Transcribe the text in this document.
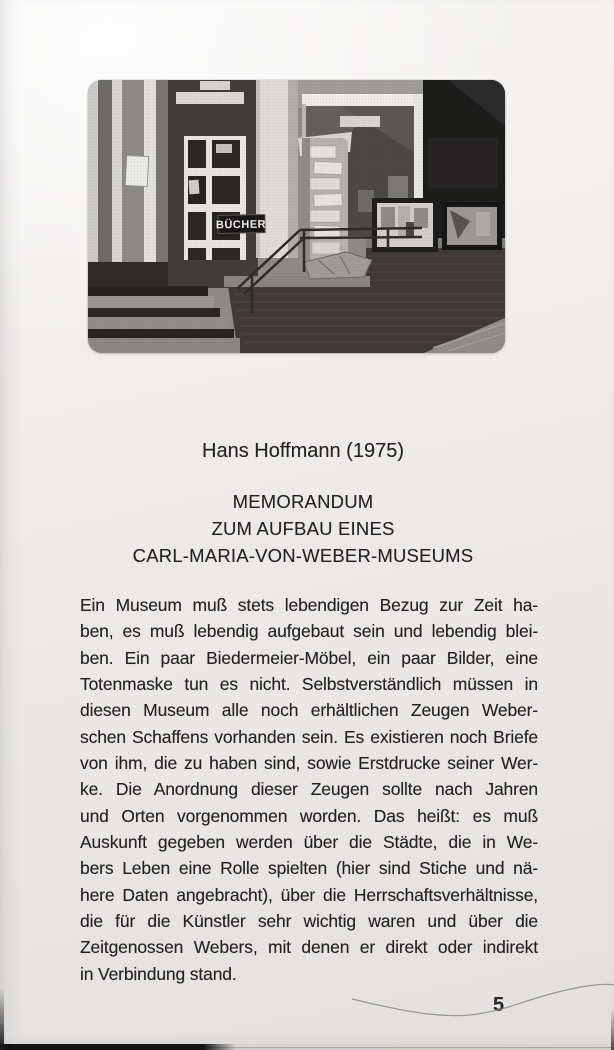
BÜCHER
Hans Hoffmann (1975)
MEMORANDUM
ZUM AUFBAU EINES
CARL-MARIA-VON-WEBER-MUSEUMS
Ein Museum muß stets lebendigen Bezug zur Zeit ha-
ben, es muß lebendig aufgebaut sein und lebendig blei-
ben. Ein paar Biedermeier-Möbel, ein paar Bilder, eine
Totenmaske tun es nicht. Selbstverständlich müssen in
diesen Museum alle noch erhältlichen Zeugen Weber-
schen Schaffens vorhanden sein. Es existieren noch Briefe
von ihm, die zu haben sind, sowie Erstdrucke seiner Wer-
ke. Die Anordnung dieser Zeugen sollte nach Jahren
und Orten vorgenommen worden. Das heißt: es muß
Auskunft gegeben werden über die Städte, die in We-
bers Leben eine Rolle spielten (hier sind Stiche und nä-
here Daten angebracht), über die Herrschaftsverhältnisse,
die für die Künstler sehr wichtig waren und über die
Zeitgenossen Webers, mit denen er direkt oder indirekt
in Verbindung stand.
5
